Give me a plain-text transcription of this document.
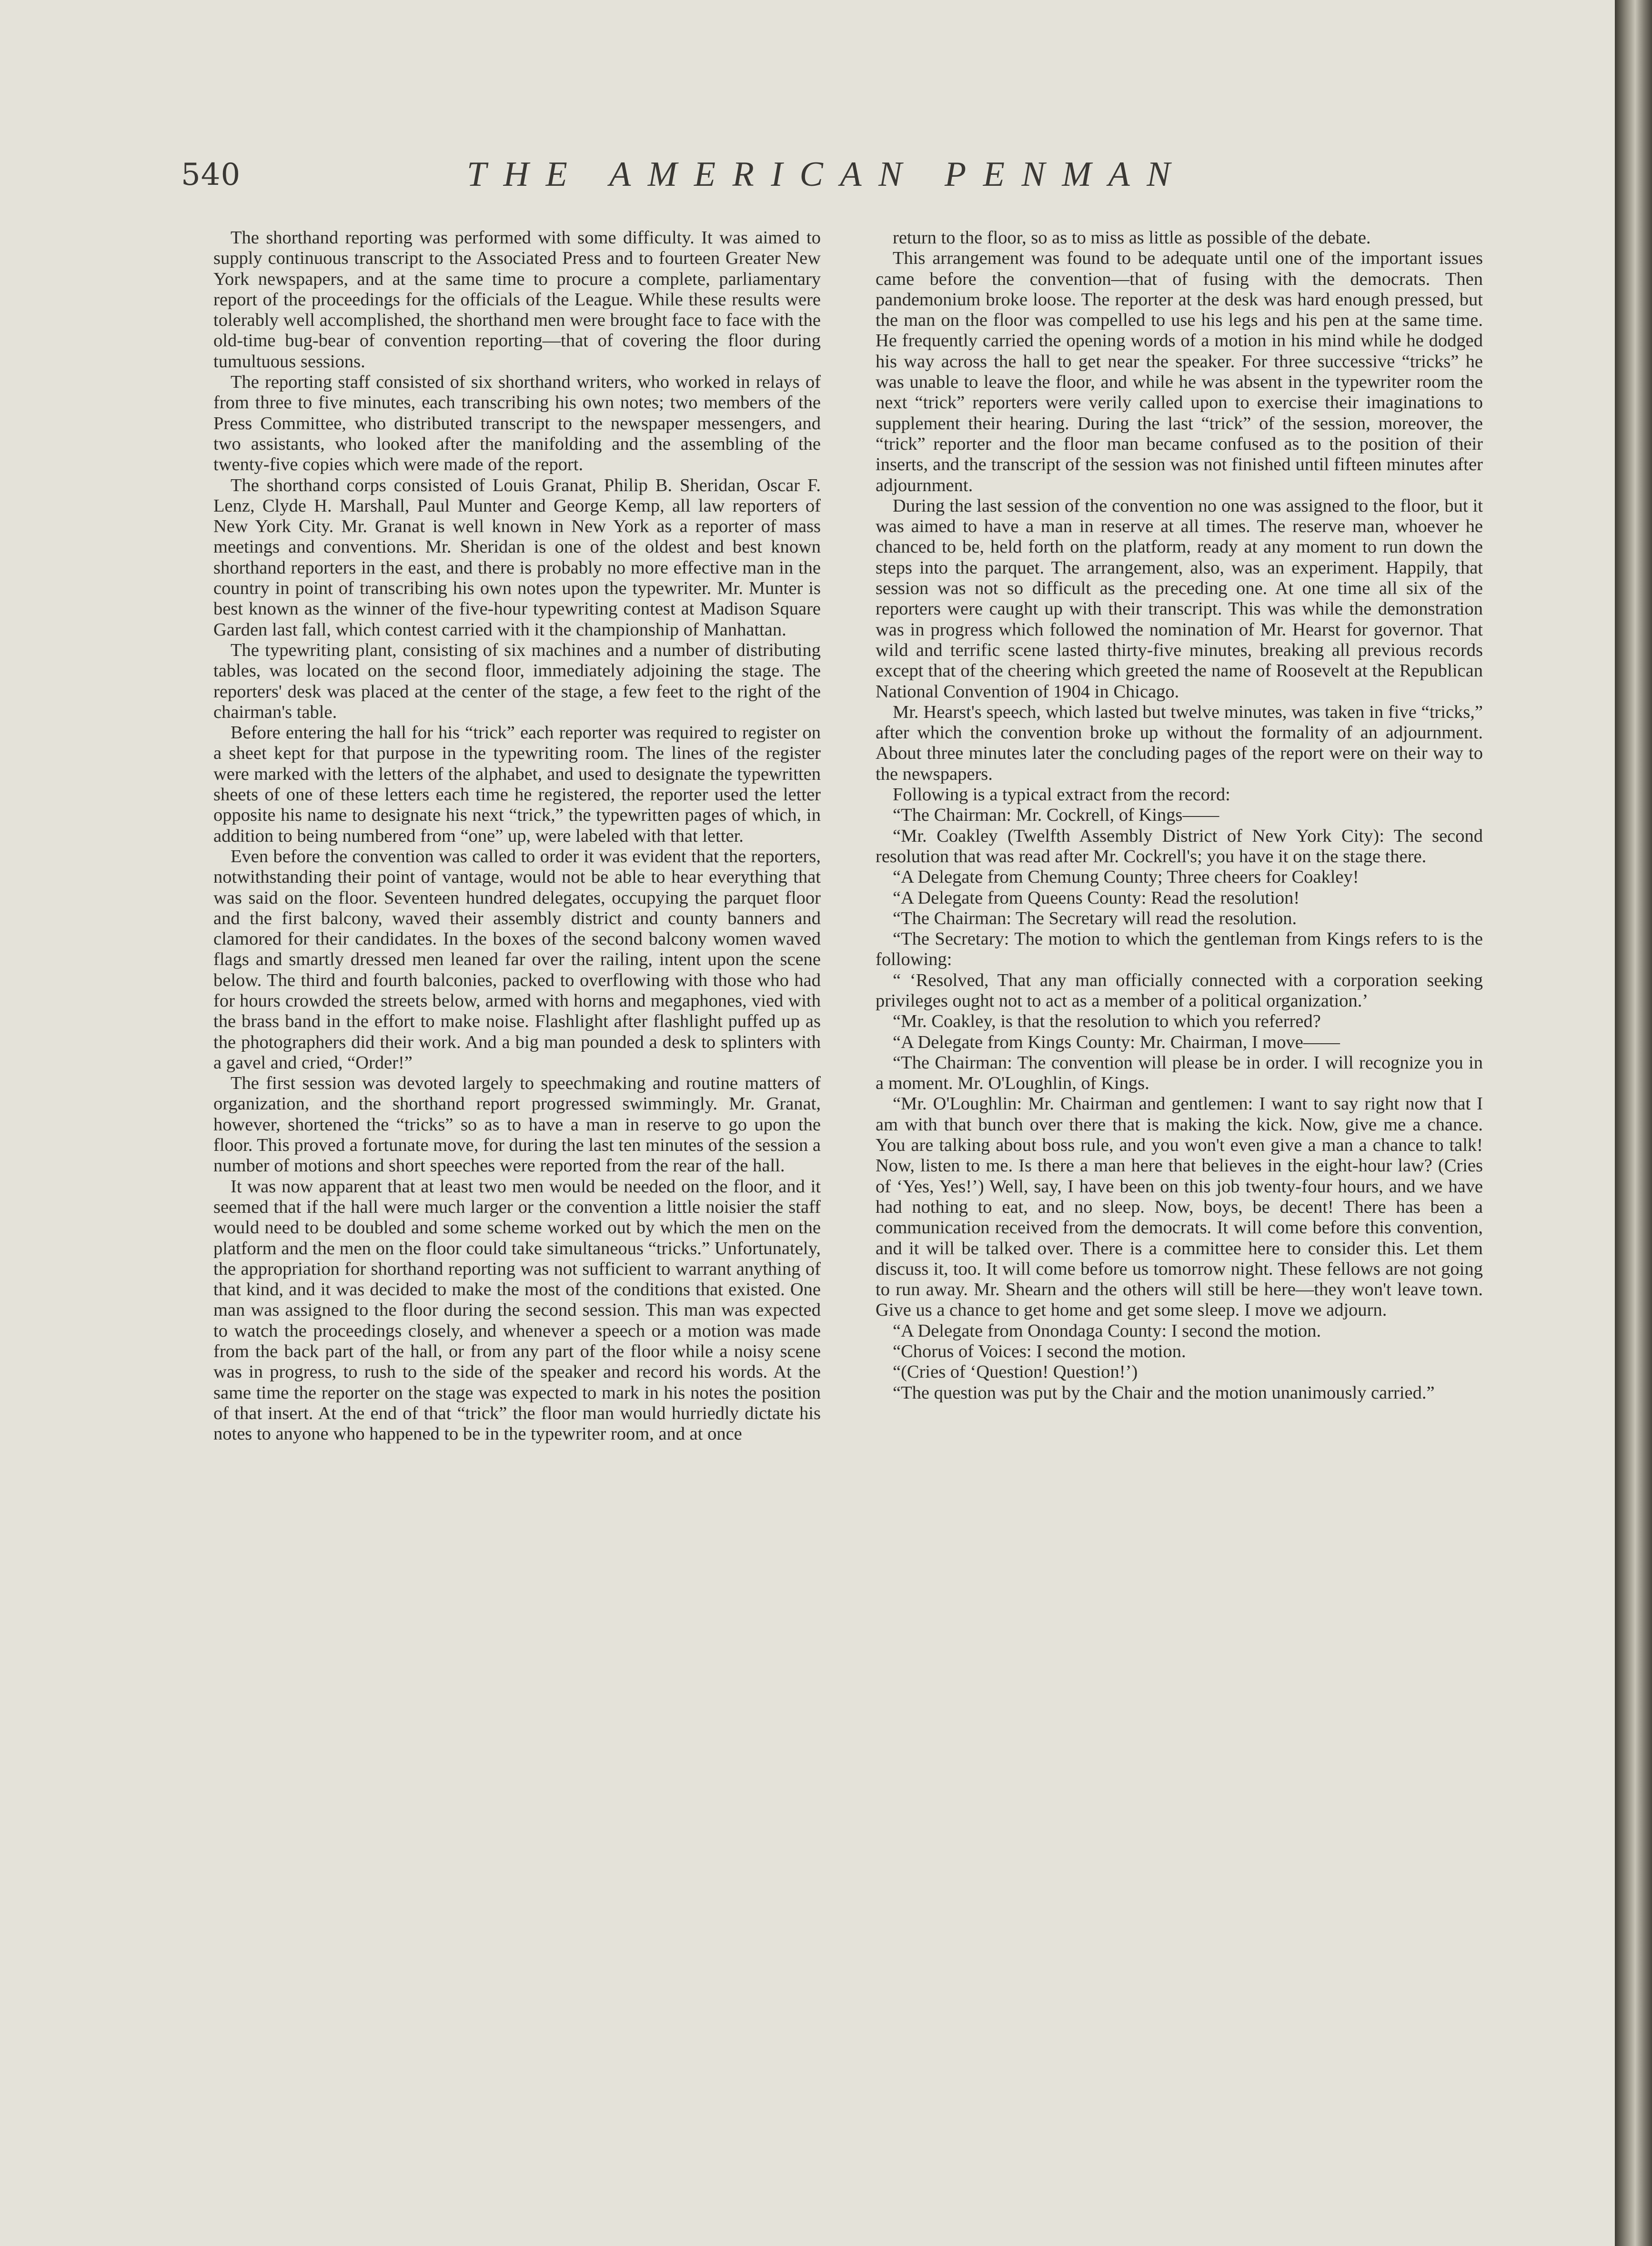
540	THE AMERICAN PENMAN

The shorthand reporting was performed with some difficulty. It was aimed to supply continuous transcript to the Associated Press and to fourteen Greater New York newspapers, and at the same time to procure a complete, parliamentary report of the proceedings for the officials of the League. While these results were tolerably well accomplished, the shorthand men were brought face to face with the old-time bug-bear of convention reporting—that of covering the floor during tumultuous sessions.

The reporting staff consisted of six shorthand writers, who worked in relays of from three to five minutes, each transcribing his own notes; two members of the Press Committee, who distributed transcript to the newspaper messengers, and two assistants, who looked after the manifolding and the assembling of the twenty-five copies which were made of the report.

The shorthand corps consisted of Louis Granat, Philip B. Sheridan, Oscar F. Lenz, Clyde H. Marshall, Paul Munter and George Kemp, all law reporters of New York City. Mr. Granat is well known in New York as a reporter of mass meetings and conventions. Mr. Sheridan is one of the oldest and best known shorthand reporters in the east, and there is probably no more effective man in the country in point of transcribing his own notes upon the typewriter. Mr. Munter is best known as the winner of the five-hour typewriting contest at Madison Square Garden last fall, which contest carried with it the championship of Manhattan.

The typewriting plant, consisting of six machines and a number of distributing tables, was located on the second floor, immediately adjoining the stage. The reporters' desk was placed at the center of the stage, a few feet to the right of the chairman's table.

Before entering the hall for his “trick” each reporter was required to register on a sheet kept for that purpose in the typewriting room. The lines of the register were marked with the letters of the alphabet, and used to designate the typewritten sheets of one of these letters each time he registered, the reporter used the letter opposite his name to designate his next “trick,” the typewritten pages of which, in addition to being numbered from “one” up, were labeled with that letter.

Even before the convention was called to order it was evident that the reporters, notwithstanding their point of vantage, would not be able to hear everything that was said on the floor. Seventeen hundred delegates, occupying the parquet floor and the first balcony, waved their assembly district and county banners and clamored for their candidates. In the boxes of the second balcony women waved flags and smartly dressed men leaned far over the railing, intent upon the scene below. The third and fourth balconies, packed to overflowing with those who had for hours crowded the streets below, armed with horns and megaphones, vied with the brass band in the effort to make noise. Flashlight after flashlight puffed up as the photographers did their work. And a big man pounded a desk to splinters with a gavel and cried, “Order!”

The first session was devoted largely to speechmaking and routine matters of organization, and the shorthand report progressed swimmingly. Mr. Granat, however, shortened the “tricks” so as to have a man in reserve to go upon the floor. This proved a fortunate move, for during the last ten minutes of the session a number of motions and short speeches were reported from the rear of the hall.

It was now apparent that at least two men would be needed on the floor, and it seemed that if the hall were much larger or the convention a little noisier the staff would need to be doubled and some scheme worked out by which the men on the platform and the men on the floor could take simultaneous “tricks.” Unfortunately, the appropriation for shorthand reporting was not sufficient to warrant anything of that kind, and it was decided to make the most of the conditions that existed. One man was assigned to the floor during the second session. This man was expected to watch the proceedings closely, and whenever a speech or a motion was made from the back part of the hall, or from any part of the floor while a noisy scene was in progress, to rush to the side of the speaker and record his words. At the same time the reporter on the stage was expected to mark in his notes the position of that insert. At the end of that “trick” the floor man would hurriedly dictate his notes to anyone who happened to be in the typewriter room, and at once

return to the floor, so as to miss as little as possible of the debate.

This arrangement was found to be adequate until one of the important issues came before the convention—that of fusing with the democrats. Then pandemonium broke loose. The reporter at the desk was hard enough pressed, but the man on the floor was compelled to use his legs and his pen at the same time. He frequently carried the opening words of a motion in his mind while he dodged his way across the hall to get near the speaker. For three successive “tricks” he was unable to leave the floor, and while he was absent in the typewriter room the next “trick” reporters were verily called upon to exercise their imaginations to supplement their hearing. During the last “trick” of the session, moreover, the “trick” reporter and the floor man became confused as to the position of their inserts, and the transcript of the session was not finished until fifteen minutes after adjournment.

During the last session of the convention no one was assigned to the floor, but it was aimed to have a man in reserve at all times. The reserve man, whoever he chanced to be, held forth on the platform, ready at any moment to run down the steps into the parquet. The arrangement, also, was an experiment. Happily, that session was not so difficult as the preceding one. At one time all six of the reporters were caught up with their transcript. This was while the demonstration was in progress which followed the nomination of Mr. Hearst for governor. That wild and terrific scene lasted thirty-five minutes, breaking all previous records except that of the cheering which greeted the name of Roosevelt at the Republican National Convention of 1904 in Chicago.

Mr. Hearst's speech, which lasted but twelve minutes, was taken in five “tricks,” after which the convention broke up without the formality of an adjournment. About three minutes later the concluding pages of the report were on their way to the newspapers.

Following is a typical extract from the record:

“The Chairman: Mr. Cockrell, of Kings——

“Mr. Coakley (Twelfth Assembly District of New York City): The second resolution that was read after Mr. Cockrell's; you have it on the stage there.

“A Delegate from Chemung County; Three cheers for Coakley!

“A Delegate from Queens County: Read the resolution!

“The Chairman: The Secretary will read the resolution.

“The Secretary: The motion to which the gentleman from Kings refers to is the following:

“ ‘Resolved, That any man officially connected with a corporation seeking privileges ought not to act as a member of a political organization.’

“Mr. Coakley, is that the resolution to which you referred?

“A Delegate from Kings County: Mr. Chairman, I move——

“The Chairman: The convention will please be in order. I will recognize you in a moment. Mr. O'Loughlin, of Kings.

“Mr. O'Loughlin: Mr. Chairman and gentlemen: I want to say right now that I am with that bunch over there that is making the kick. Now, give me a chance. You are talking about boss rule, and you won't even give a man a chance to talk! Now, listen to me. Is there a man here that believes in the eight-hour law? (Cries of ‘Yes, Yes!’) Well, say, I have been on this job twenty-four hours, and we have had nothing to eat, and no sleep. Now, boys, be decent! There has been a communication received from the democrats. It will come before this convention, and it will be talked over. There is a committee here to consider this. Let them discuss it, too. It will come before us tomorrow night. These fellows are not going to run away. Mr. Shearn and the others will still be here—they won't leave town. Give us a chance to get home and get some sleep. I move we adjourn.

“A Delegate from Onondaga County: I second the motion.

“Chorus of Voices: I second the motion.

“(Cries of ‘Question! Question!’)

“The question was put by the Chair and the motion unanimously carried.”
